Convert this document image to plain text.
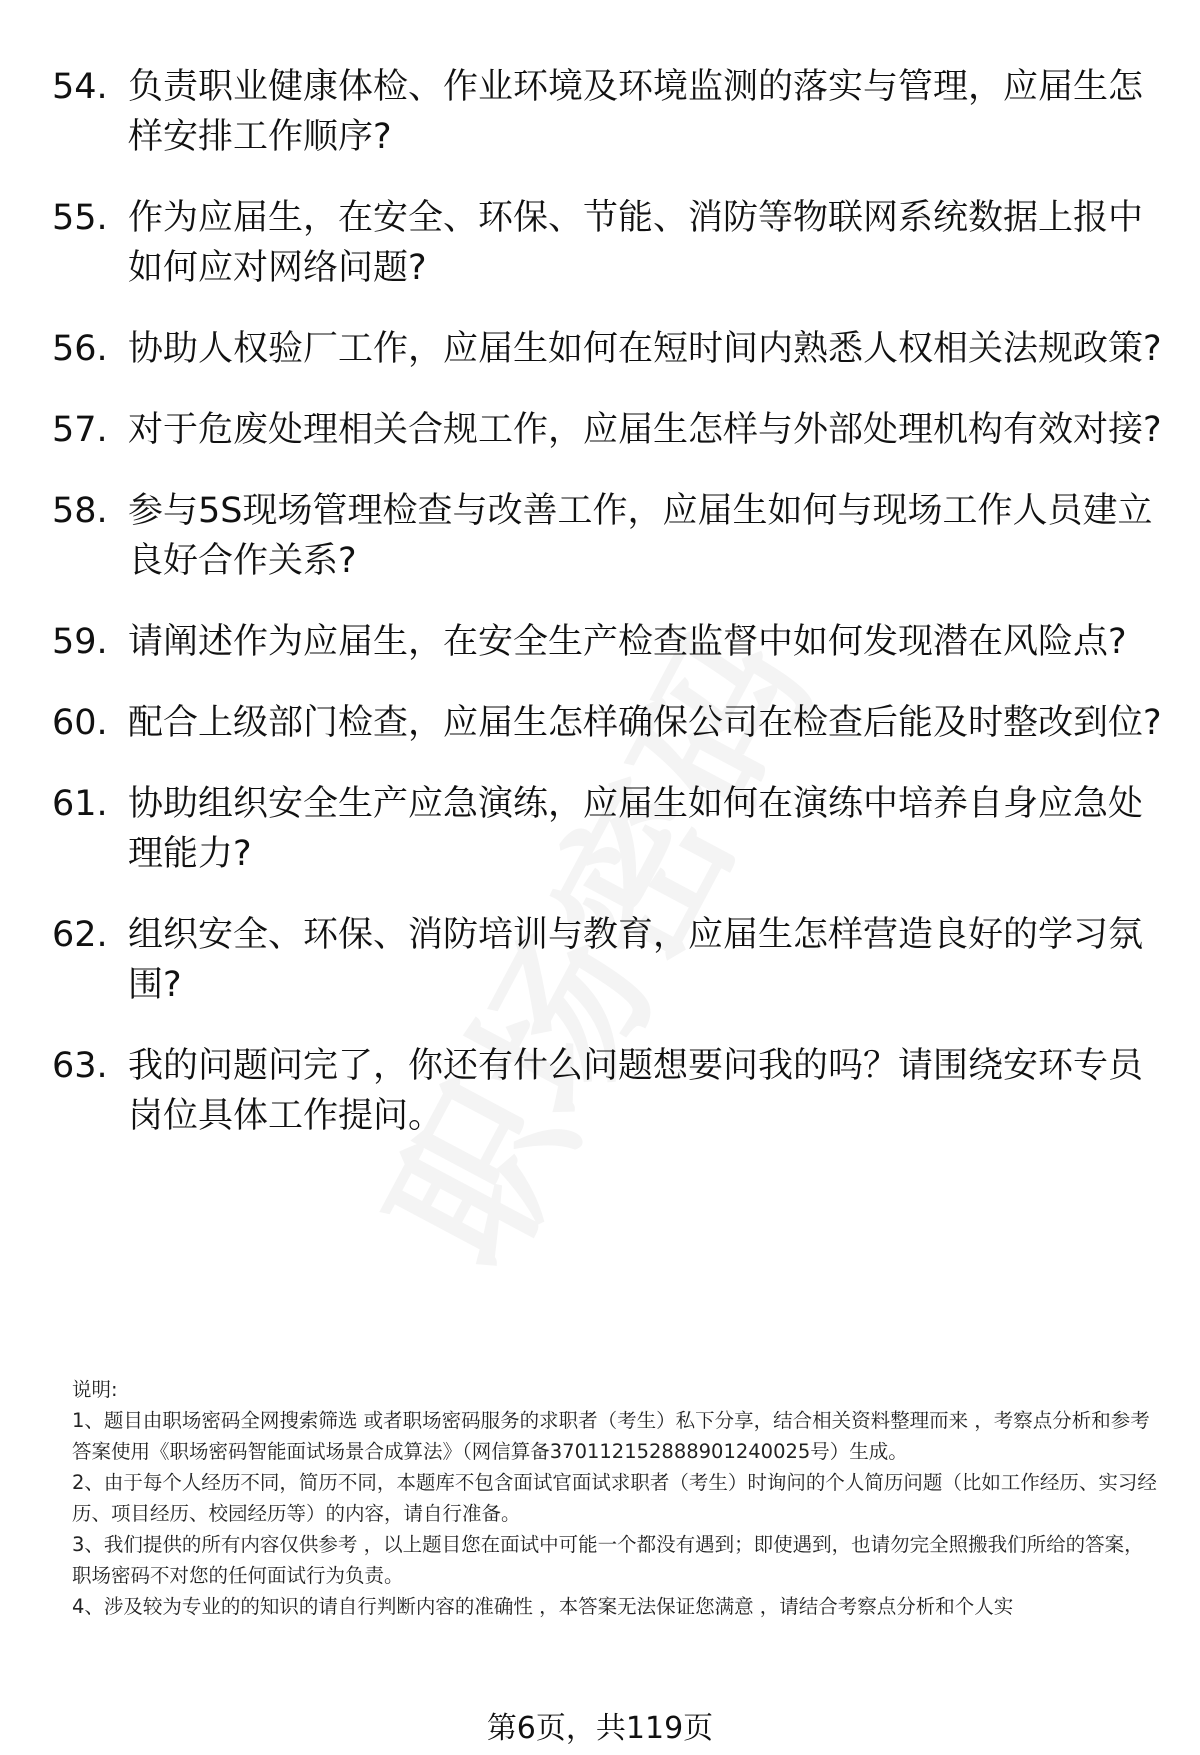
54. 负责职业健康体检、作业环境及环境监测的落实与管理，应届生怎样安排工作顺序?
55. 作为应届生，在安全、环保、节能、消防等物联网系统数据上报中如何应对网络问题?
56. 协助人权验厂工作，应届生如何在短时间内熟悉人权相关法规政策?
57. 对于危废处理相关合规工作，应届生怎样与外部处理机构有效对接?
58. 参与5S现场管理检查与改善工作，应届生如何与现场工作人员建立良好合作关系?
59. 请阐述作为应届生，在安全生产检查监督中如何发现潜在风险点?
60. 配合上级部门检查，应届生怎样确保公司在检查后能及时整改到位?
61. 协助组织安全生产应急演练，应届生如何在演练中培养自身应急处理能力?
62. 组织安全、环保、消防培训与教育，应届生怎样营造良好的学习氛围?
63. 我的问题问完了，你还有什么问题想要问我的吗？请围绕安环专员岗位具体工作提问。

说明:

1、题目由职场密码全网搜索筛选 或者职场密码服务的求职者（考生）私下分享，结合相关资料整理而来 ，考察点分析和参考答案使用《职场密码智能面试场景合成算法》（网信算备370112152888901240025号）生成。

2、由于每个人经历不同，简历不同，本题库不包含面试官面试求职者（考生）时询问的个人简历问题（比如工作经历、实习经历、项目经历、校园经历等）的内容，请自行准备。

3、我们提供的所有内容仅供参考 ，以上题目您在面试中可能一个都没有遇到；即使遇到，也请勿完全照搬我们所给的答案，职场密码不对您的任何面试行为负责。

4、涉及较为专业的的知识的请自行判断内容的准确性 ，本答案无法保证您满意 ，请结合考察点分析和个人实

第6页，共119页
